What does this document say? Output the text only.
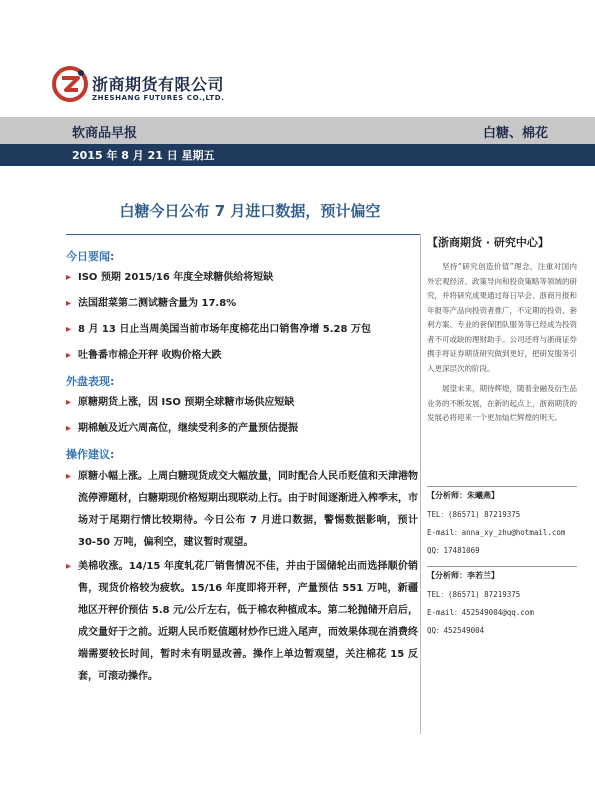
浙商期货有限公司
ZHESHANG FUTURES CO.,LTD.
软商品早报	白糖、棉花
2015 年 8 月 21 日 星期五
白糖今日公布 7 月进口数据，预计偏空
今日要闻:
▸ ISO 预期 2015/16 年度全球糖供给将短缺
▸ 法国甜菜第二测试糖含量为 17.8%
▸ 8 月 13 日止当周美国当前市场年度棉花出口销售净增 5.28 万包
▸ 吐鲁番市棉企开秤 收购价格大跌
外盘表现:
▸ 原糖期货上涨，因 ISO 预期全球糖市场供应短缺
▸ 期棉触及近六周高位，继续受利多的产量预估提振
操作建议:
▸ 原糖小幅上涨。上周白糖现货成交大幅放量，同时配合人民币贬值和天津港物流停滞题材，白糖期现价格短期出现联动上行。由于时间逐渐进入榨季末，市场对于尾期行情比较期待。今日公布 7 月进口数据，警惕数据影响，预计 30-50 万吨，偏利空，建议暂时观望。
▸ 美棉收涨。14/15 年度轧花厂销售情况不佳，并由于国储轮出而选择顺价销售，现货价格较为疲软。15/16 年度即将开秤，产量预估 551 万吨，新疆地区开秤价预估 5.8 元/公斤左右，低于棉农种植成本。第二轮抛储开启后，成交量好于之前。近期人民币贬值题材炒作已进入尾声，而效果体现在消费终端需要较长时间，暂时未有明显改善。操作上单边暂观望，关注棉花 15 反套，可滚动操作。
【浙商期货 · 研究中心】

坚持“研究创造价值”理念，注重对国内外宏观经济、政策导向和投资策略等领域的研究，并将研究成果通过每日早会、浙商月报和年报等产品向投资者推广，不定期的投资、套利方案、专业的套保团队服务等已经成为投资者不可或缺的理财助手。公司还将与浙商证券携手将证券期货研究做到更好，把研发服务引入更深层次的阶段。

展望未来，期待辉煌，随着金融及衍生品业务的不断发展，在新的起点上，浙商期货的发展必将迎来一个更加灿烂辉煌的明天。

【分析师：朱曦燕】
TEL：(86571) 87219375
E-mail：anna_xy_zhu@hotmail.com
QQ：17481069
【分析师：李若兰】
TEL：(86571) 87219375
E-mail：452549004@qq.com
QQ：452549004
